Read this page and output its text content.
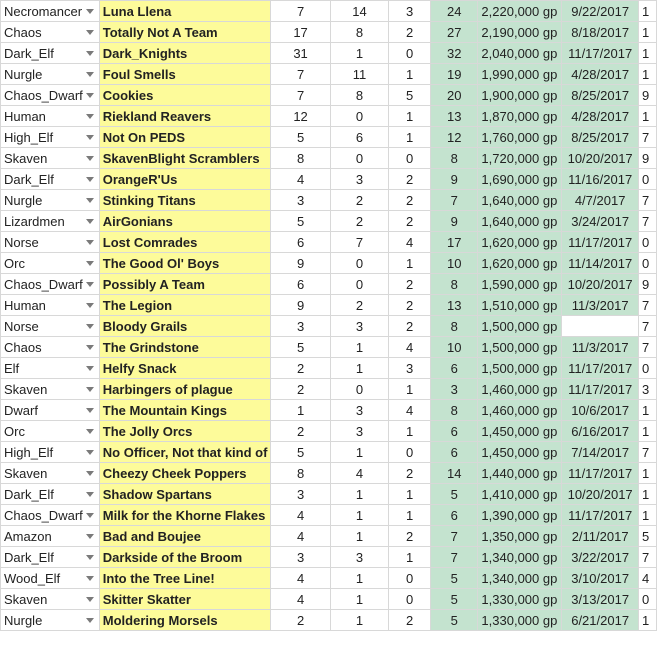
Necromancer	Luna Llena	7	14	3	24	2,220,000 gp	9/22/2017	1
Chaos	Totally Not A Team	17	8	2	27	2,190,000 gp	8/18/2017	1
Dark_Elf	Dark_Knights	31	1	0	32	2,040,000 gp	11/17/2017	1
Nurgle	Foul Smells	7	11	1	19	1,990,000 gp	4/28/2017	1
Chaos_Dwarf	Cookies	7	8	5	20	1,900,000 gp	8/25/2017	9
Human	Riekland Reavers	12	0	1	13	1,870,000 gp	4/28/2017	1
High_Elf	Not On PEDS	5	6	1	12	1,760,000 gp	8/25/2017	7
Skaven	SkavenBlight Scramblers	8	0	0	8	1,720,000 gp	10/20/2017	9
Dark_Elf	OrangeR'Us	4	3	2	9	1,690,000 gp	11/16/2017	0
Nurgle	Stinking Titans	3	2	2	7	1,640,000 gp	4/7/2017	7
Lizardmen	AirGonians	5	2	2	9	1,640,000 gp	3/24/2017	7
Norse	Lost Comrades	6	7	4	17	1,620,000 gp	11/17/2017	0
Orc	The Good Ol' Boys	9	0	1	10	1,620,000 gp	11/14/2017	0
Chaos_Dwarf	Possibly A Team	6	0	2	8	1,590,000 gp	10/20/2017	9
Human	The Legion	9	2	2	13	1,510,000 gp	11/3/2017	7
Norse	Bloody Grails	3	3	2	8	1,500,000 gp		7
Chaos	The Grindstone	5	1	4	10	1,500,000 gp	11/3/2017	7
Elf	Helfy Snack	2	1	3	6	1,500,000 gp	11/17/2017	0
Skaven	Harbingers of plague	2	0	1	3	1,460,000 gp	11/17/2017	3
Dwarf	The Mountain Kings	1	3	4	8	1,460,000 gp	10/6/2017	1
Orc	The Jolly Orcs	2	3	1	6	1,450,000 gp	6/16/2017	1
High_Elf	No Officer, Not that kind of	5	1	0	6	1,450,000 gp	7/14/2017	7
Skaven	Cheezy Cheek Poppers	8	4	2	14	1,440,000 gp	11/17/2017	1
Dark_Elf	Shadow Spartans	3	1	1	5	1,410,000 gp	10/20/2017	1
Chaos_Dwarf	Milk for the Khorne Flakes	4	1	1	6	1,390,000 gp	11/17/2017	1
Amazon	Bad and Boujee	4	1	2	7	1,350,000 gp	2/11/2017	5
Dark_Elf	Darkside of the Broom	3	3	1	7	1,340,000 gp	3/22/2017	7
Wood_Elf	Into the Tree Line!	4	1	0	5	1,340,000 gp	3/10/2017	4
Skaven	Skitter Skatter	4	1	0	5	1,330,000 gp	3/13/2017	0
Nurgle	Moldering Morsels	2	1	2	5	1,330,000 gp	6/21/2017	1
